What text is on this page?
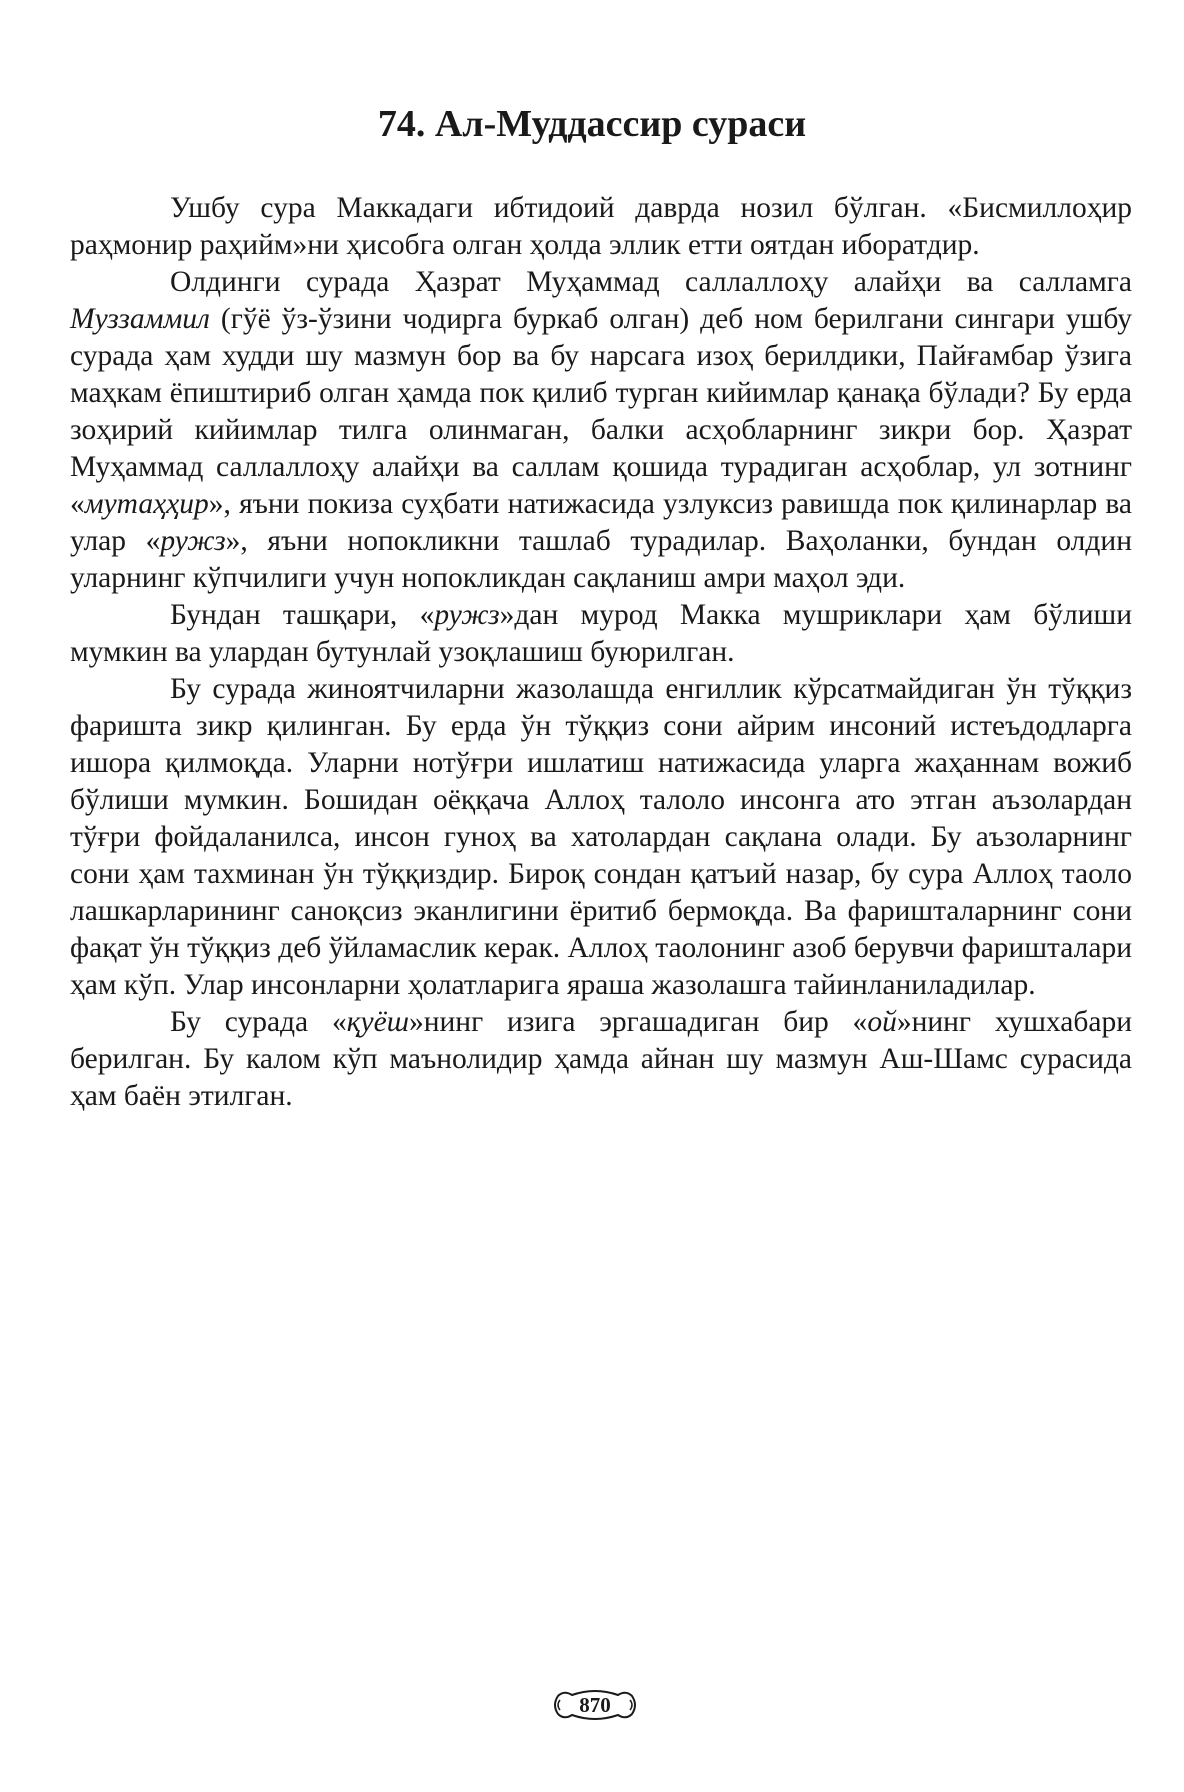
74. Ал-Муддассир сураси

Ушбу сура Маккадаги ибтидоий даврда нозил бўлган. «Бисмиллоҳир раҳмонир раҳийм»ни ҳисобга олган ҳолда эллик етти оятдан иборатдир.

Олдинги сурада Ҳазрат Муҳаммад саллаллоҳу алайҳи ва салламга Муззаммил (гўё ўз-ўзини чодирга буркаб олган) деб ном берилгани сингари ушбу сурада ҳам худди шу мазмун бор ва бу нарсага изоҳ берилдики, Пайғамбар ўзига маҳкам ёпиштириб олган ҳамда пок қилиб турган кийимлар қанақа бўлади? Бу ерда зоҳирий кийимлар тилга олинмаган, балки асҳобларнинг зикри бор. Ҳазрат Муҳаммад саллаллоҳу алайҳи ва саллам қошида турадиган асҳоблар, ул зотнинг «мутаҳҳир», яъни покиза суҳбати натижасида узлуксиз равишда пок қилинарлар ва улар «ружз», яъни нопокликни ташлаб турадилар. Ваҳоланки, бундан олдин уларнинг кўпчилиги учун нопокликдан сақланиш амри маҳол эди.

Бундан ташқари, «ружз»дан мурод Макка мушриклари ҳам бўлиши мумкин ва улардан бутунлай узоқлашиш буюрилган.

Бу сурада жиноятчиларни жазолашда енгиллик кўрсатмайдиган ўн тўққиз фаришта зикр қилинган. Бу ерда ўн тўққиз сони айрим инсоний истеъдодларга ишора қилмоқда. Уларни нотўғри ишлатиш натижасида уларга жаҳаннам вожиб бўлиши мумкин. Бошидан оёққача Аллоҳ талоло инсонга ато этган аъзолардан тўғри фойдаланилса, инсон гуноҳ ва хатолардан сақлана олади. Бу аъзоларнинг сони ҳам тахминан ўн тўққиздир. Бироқ сондан қатъий назар, бу сура Аллоҳ таоло лашкарларининг саноқсиз эканлигини ёритиб бермоқда. Ва фаришталарнинг сони фақат ўн тўққиз деб ўйламаслик керак. Аллоҳ таолонинг азоб берувчи фаришталари ҳам кўп. Улар инсонларни ҳолатларига яраша жазолашга тайинланиладилар.

Бу сурада «қуёш»нинг изига эргашадиган бир «ой»нинг хушхабари берилган. Бу калом кўп маънолидир ҳамда айнан шу мазмун Аш-Шамс сурасида ҳам баён этилган.

870
